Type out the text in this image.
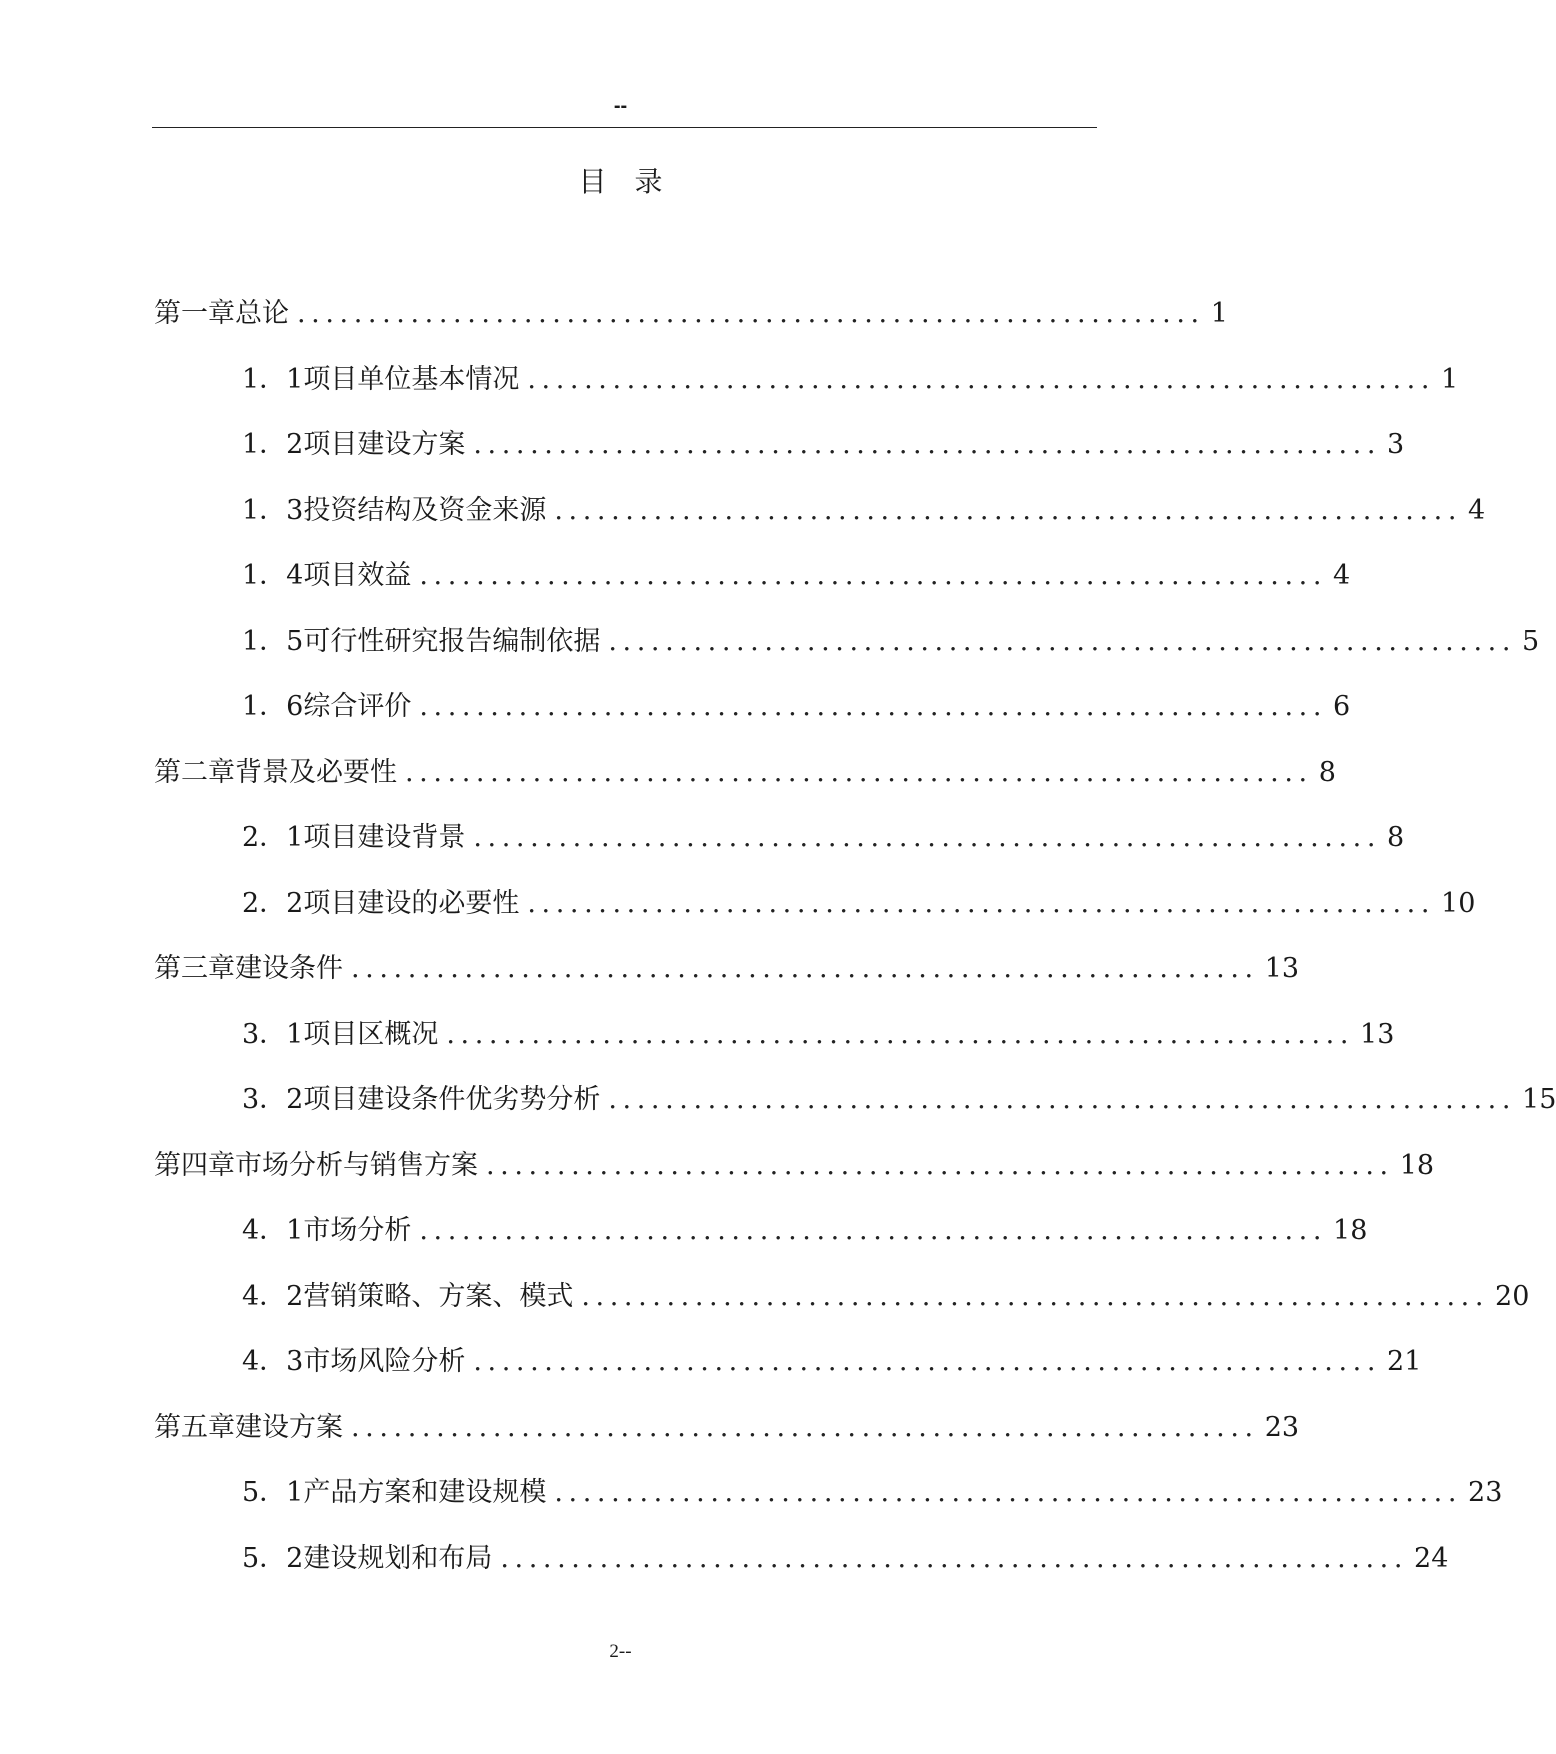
--
目录
第一章 总论 ................................................................ 1
1．1项目单位基本情况 ................................................................ 1
1．2项目建设方案 ................................................................ 3
1．3投资结构及资金来源 ................................................................ 4
1．4项目效益 ................................................................ 4
1．5可行性研究报告编制依据 ................................................................ 5
1．6综合评价 ................................................................ 6
第二章 背景及必要性 ................................................................ 8
2．1项目建设背景 ................................................................ 8
2．2项目建设的必要性 ................................................................ 10
第三章 建设条件 ................................................................ 13
3．1项目区概况 ................................................................ 13
3．2项目建设条件优劣势分析 ................................................................ 15
第四章 市场分析与销售方案 ................................................................ 18
4．1市场分析 ................................................................ 18
4．2营销策略、方案、模式 ................................................................ 20
4．3市场风险分析 ................................................................ 21
第五章 建设方案 ................................................................ 23
5．1产品方案和建设规模 ................................................................ 23
5．2建设规划和布局 ................................................................ 24
2--
